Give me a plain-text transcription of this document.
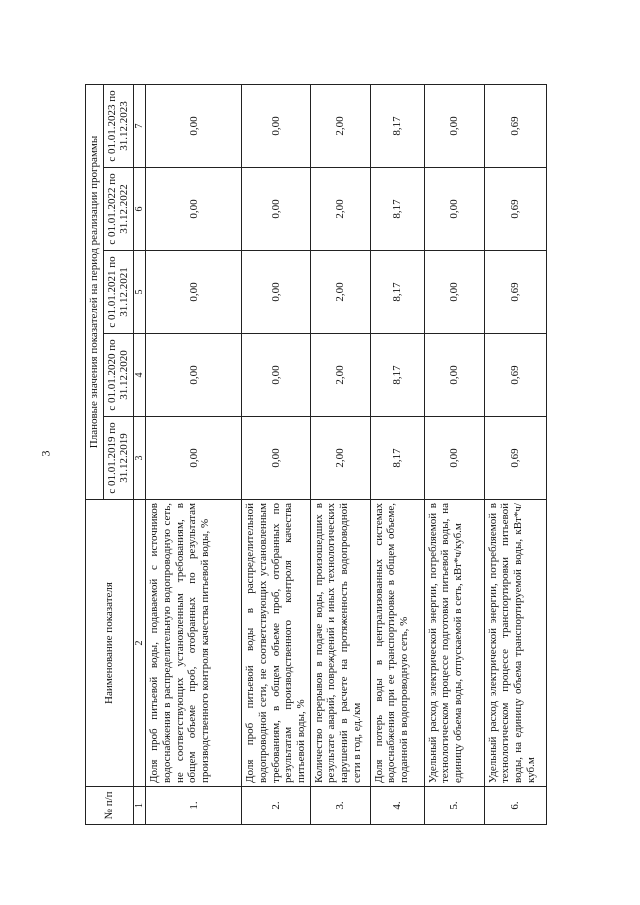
3
№ п/п	Наименование показателя	Плановые значения показателей на период реализации программы				
		с 01.01.2019 по 31.12.2019	с 01.01.2020 по 31.12.2020	с 01.01.2021 по 31.12.2021	с 01.01.2022 по 31.12.2022	с 01.01.2023 по 31.12.2023
1	2	3	4	5	6	7
1.	Доля проб питьевой воды, подаваемой с источников водоснабжения в распределительную водопроводную сеть, не соответствующих установленным требованиям, в общем объеме проб, отобранных по результатам производственного контроля качества питьевой воды, %	0,00	0,00	0,00	0,00	0,00
2.	Доля проб питьевой воды в распределительной водопроводной сети, не соответствующих установленным требованиям, в общем объеме проб, отобранных по результатам производственного контроля качества питьевой воды, %	0,00	0,00	0,00	0,00	0,00
3.	Количество перерывов в подаче воды, произошедших в результате аварий, повреждений и иных технологических нарушений в расчете на протяженность водопроводной сети в год, ед./км	2,00	2,00	2,00	2,00	2,00
4.	Доля потерь воды в централизованных системах водоснабжения при ее транспортировке в общем объеме, поданной в водопроводную сеть, %	8,17	8,17	8,17	8,17	8,17
5.	Удельный расход электрической энергии, потребляемой в технологическом процессе подготовки питьевой воды, на единицу объема воды, отпускаемой в сеть, кВт*ч/куб.м	0,00	0,00	0,00	0,00	0,00
6.	Удельный расход электрической энергии, потребляемой в технологическом процессе транспортировки питьевой воды, на единицу объема транспортируемой воды, кВт*ч/куб.м	0,69	0,69	0,69	0,69	0,69
